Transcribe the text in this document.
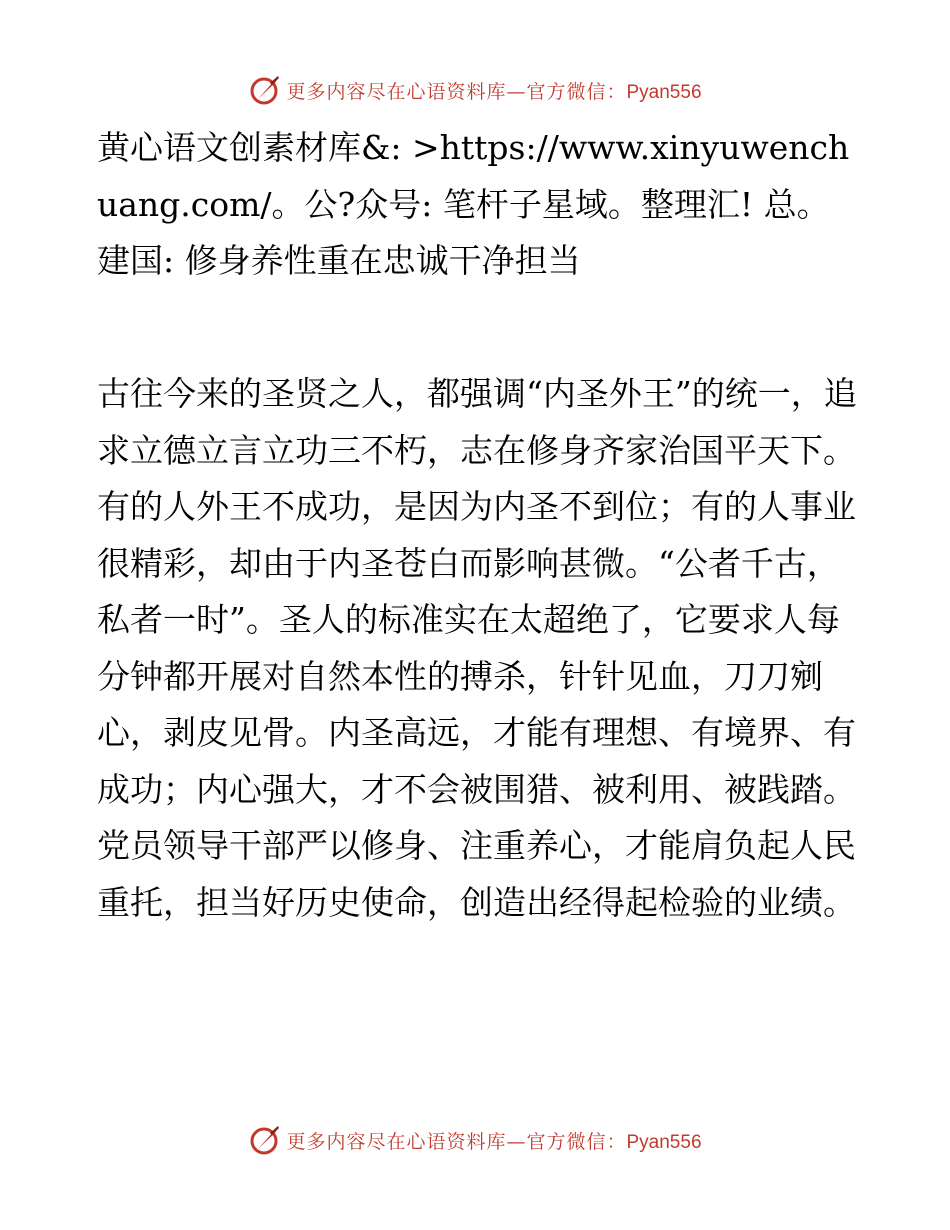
更多内容尽在心语资料库—官方微信：Pyan556
黄心语文创素材库&: >https://www.xinyuwenchuang.com/。公?众号: 笔杆子星域。整理汇! 总。建国: 修身养性重在忠诚干净担当
古往今来的圣贤之人，都强调“内圣外王”的统一，追求立德立言立功三不朽，志在修身齐家治国平天下。有的人外王不成功，是因为内圣不到位；有的人事业很精彩，却由于内圣苍白而影响甚微。“公者千古，私者一时”。圣人的标准实在太超绝了，它要求人每分钟都开展对自然本性的搏杀，针针见血，刀刀剜心，剥皮见骨。内圣高远，才能有理想、有境界、有成功；内心强大，才不会被围猎、被利用、被践踏。党员领导干部严以修身、注重养心，才能肩负起人民重托，担当好历史使命，创造出经得起检验的业绩。
更多内容尽在心语资料库—官方微信：Pyan556
